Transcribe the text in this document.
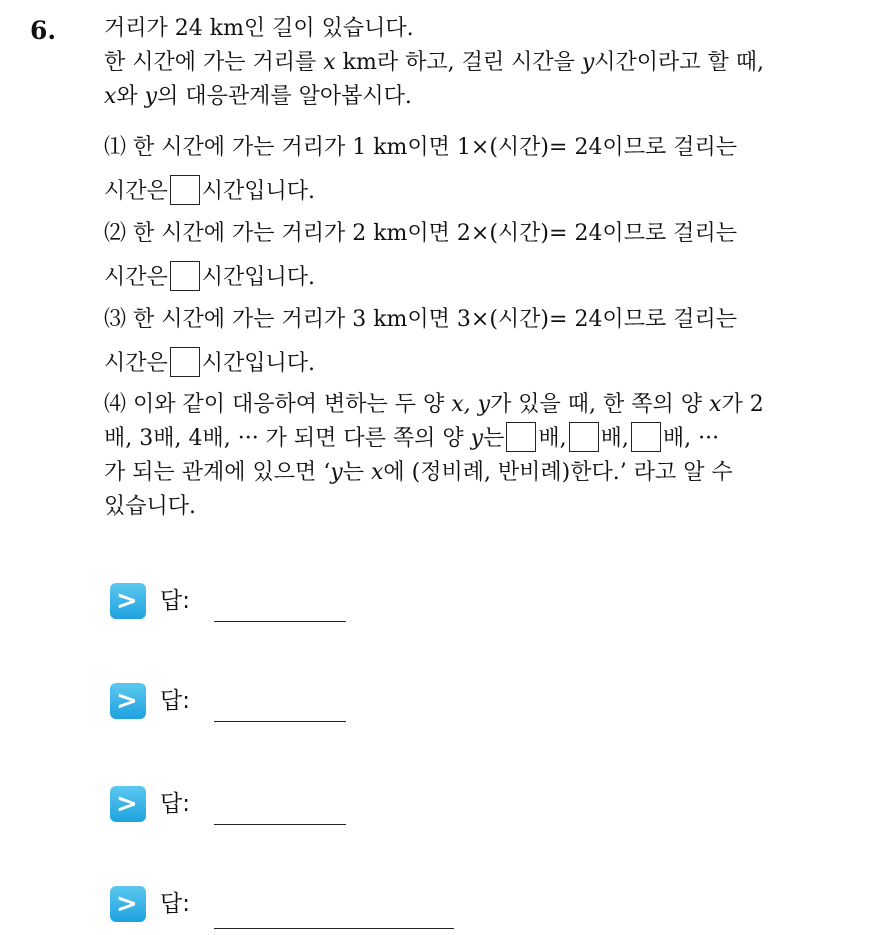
6. 거리가 24 km인 길이 있습니다.
한 시간에 가는 거리를 x km라 하고, 걸린 시간을 y시간이라고 할 때,
x와 y의 대응관계를 알아봅시다.
⑴ 한 시간에 가는 거리가 1 km이면 1×(시간)= 24이므로 걸리는
시간은 시간입니다.
⑵ 한 시간에 가는 거리가 2 km이면 2×(시간)= 24이므로 걸리는
시간은 시간입니다.
⑶ 한 시간에 가는 거리가 3 km이면 3×(시간)= 24이므로 걸리는
시간은 시간입니다.
⑷ 이와 같이 대응하여 변하는 두 양 x, y가 있을 때, 한 쪽의 양 x가 2
배, 3배, 4배, ··· 가 되면 다른 쪽의 양 y는 배, 배, 배, ···
가 되는 관계에 있으면 ‘y는 x에 (정비례, 반비례)한다.’ 라고 알 수
있습니다.
> 답:
> 답:
> 답:
> 답:
